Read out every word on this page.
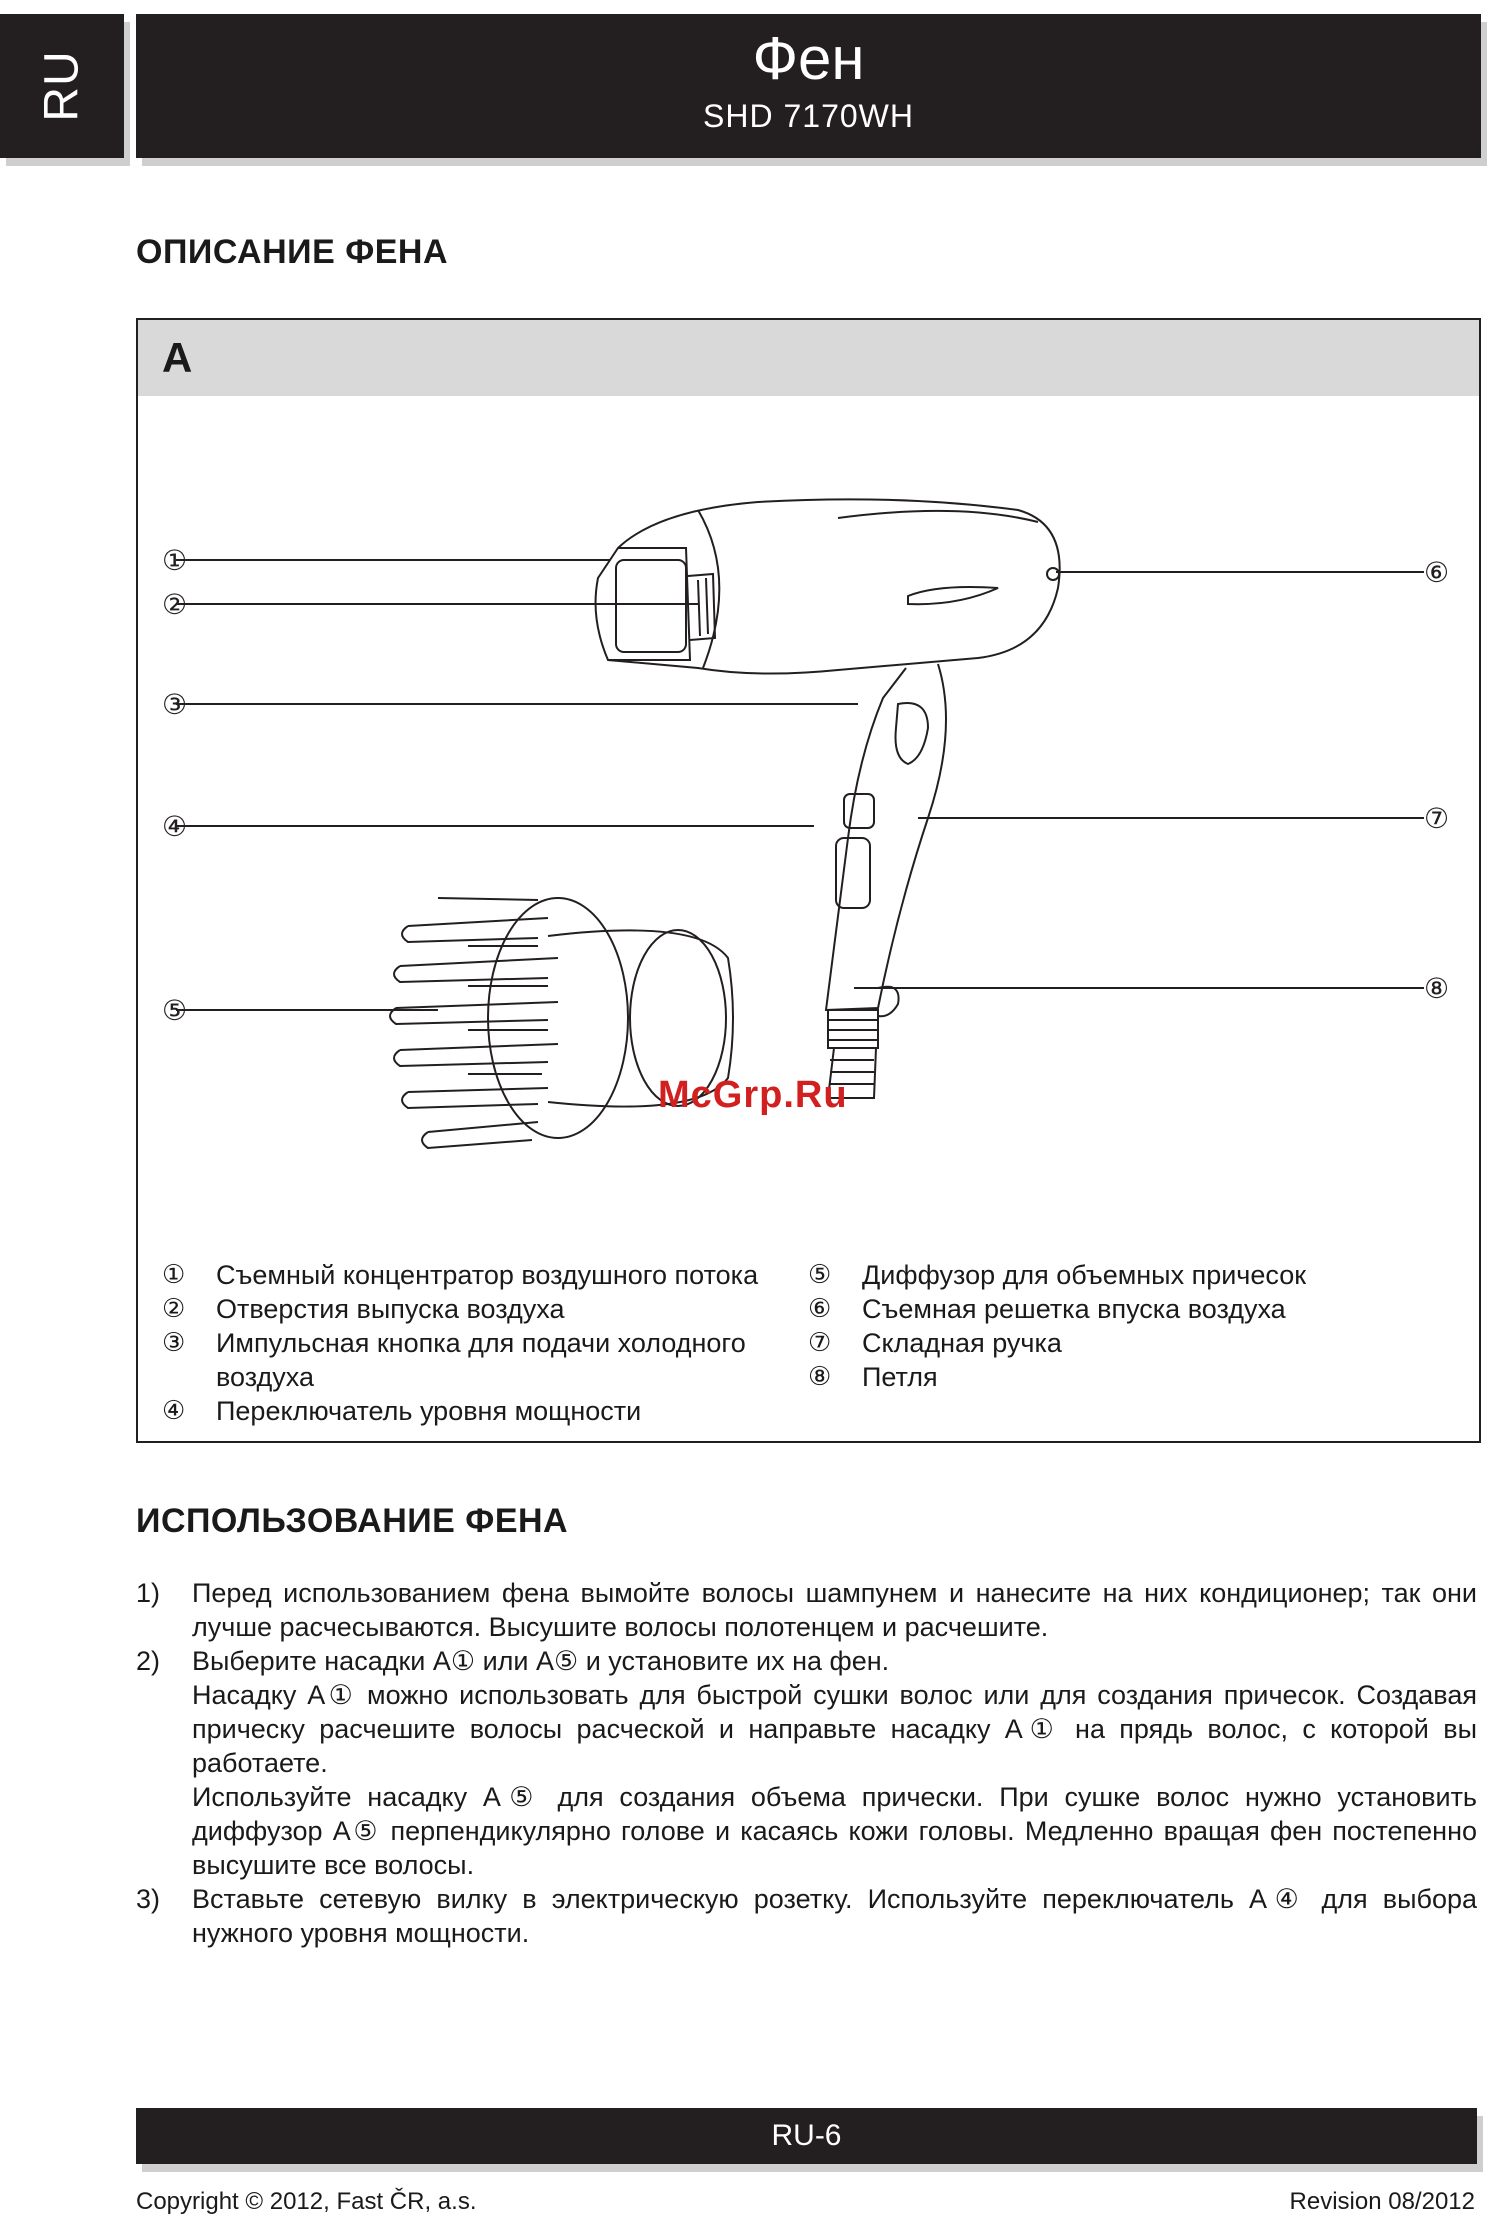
RU	Фен
SHD 7170WH
ОПИСАНИЕ ФЕНА
A
①
②
③
④
⑤
⑥
⑦
⑧
McGrp.Ru
①	Съемный концентратор воздушного потока
②	Отверстия выпуска воздуха
③	Импульсная кнопка для подачи холодного воздуха
④	Переключатель уровня мощности
⑤	Диффузор для объемных причесок
⑥	Съемная решетка впуска воздуха
⑦	Складная ручка
⑧	Петля
ИСПОЛЬЗОВАНИЕ ФЕНА
1)	Перед использованием фена вымойте волосы шампунем и нанесите на них кондиционер; так они лучше расчесываются. Высушите волосы полотенцем и расчешите.

2)	Выберите насадки А① или А⑤ и установите их на фен.

Насадку А① можно использовать для быстрой сушки волос или для создания причесок. Создавая прическу расчешите волосы расческой и направьте насадку А① на прядь волос, с которой вы работаете.

Используйте насадку А⑤ для создания объема прически. При сушке волос нужно установить диффузор А⑤ перпендикулярно голове и касаясь кожи головы. Медленно вращая фен постепенно высушите все волосы.

3)	Вставьте сетевую вилку в электрическую розетку. Используйте переключатель А④ для выбора нужного уровня мощности.

RU-6
Copyright © 2012, Fast ČR, a.s.	Revision 08/2012
